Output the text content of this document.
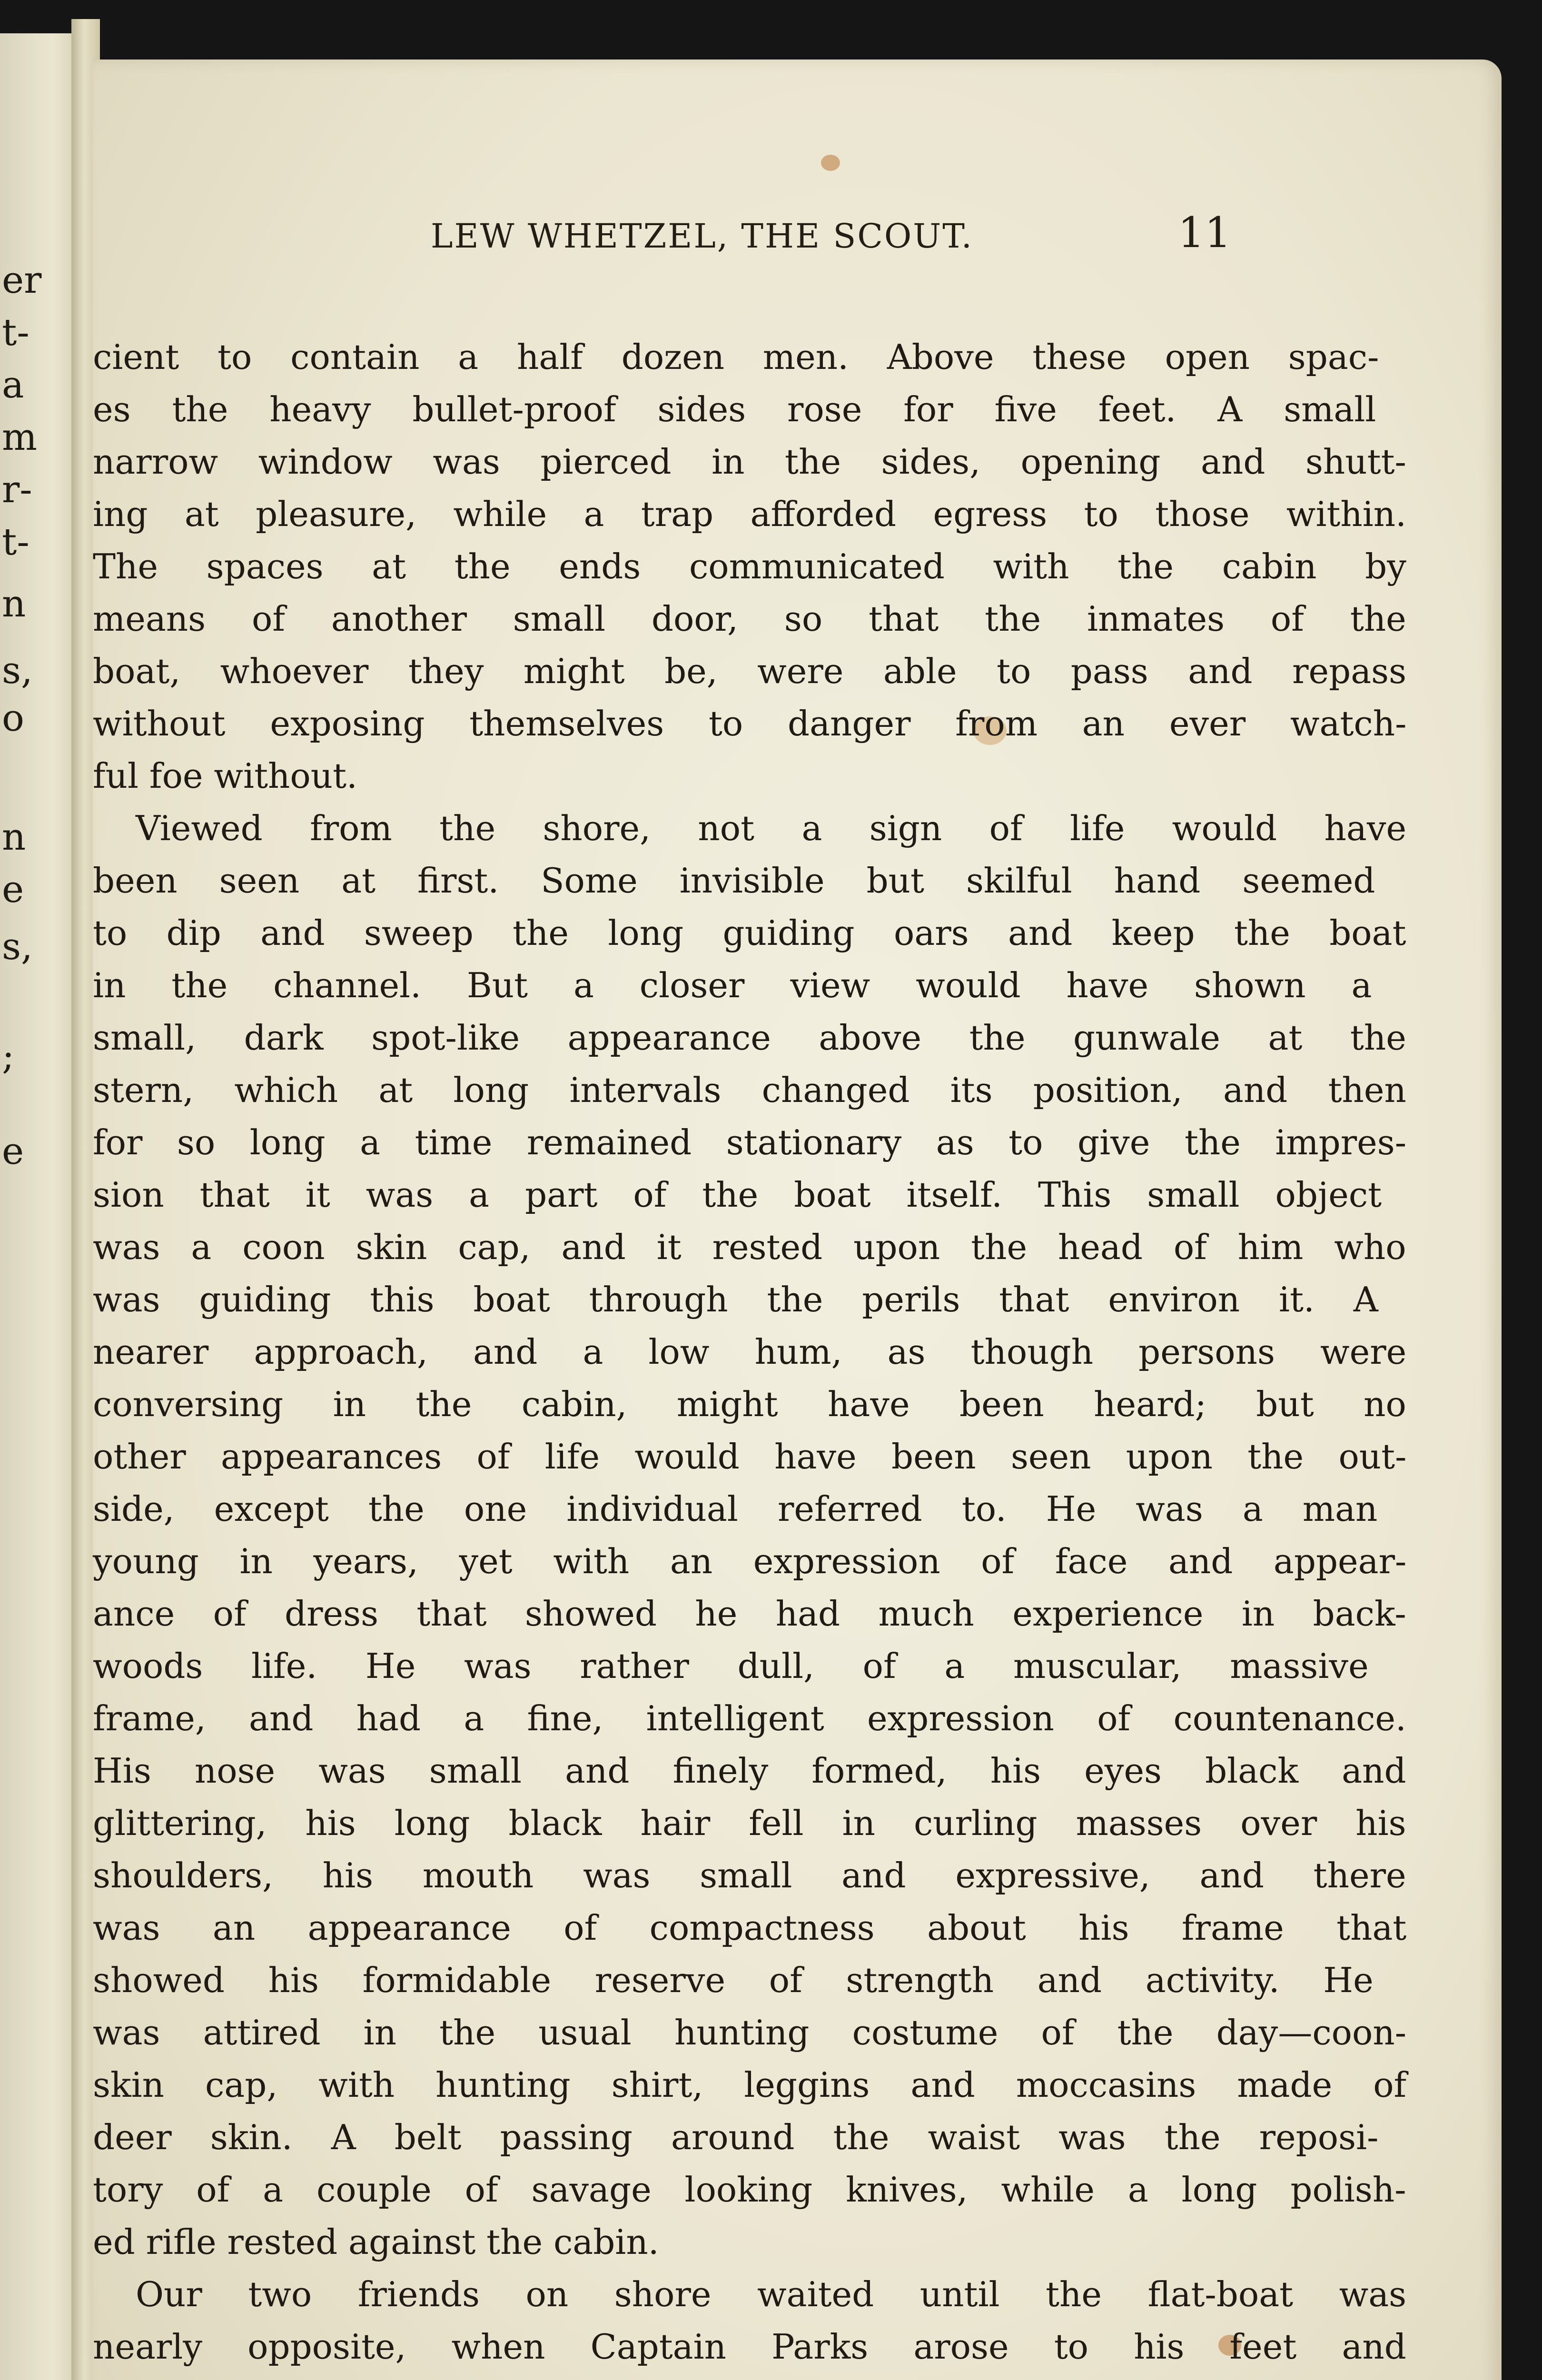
er
t-
a
m
r-
t-
n
s,
o
n
e
s,
;
e
LEW WHETZEL, THE SCOUT.	11
cient to contain a half dozen men. Above these open spac-
es the heavy bullet-proof sides rose for five feet. A small
narrow window was pierced in the sides, opening and shutt-
ing at pleasure, while a trap afforded egress to those within.
The spaces at the ends communicated with the cabin by
means of another small door, so that the inmates of the
boat, whoever they might be, were able to pass and repass
without exposing themselves to danger from an ever watch-
ful foe without.
Viewed from the shore, not a sign of life would have
been seen at first. Some invisible but skilful hand seemed
to dip and sweep the long guiding oars and keep the boat
in the channel. But a closer view would have shown a
small, dark spot-like appearance above the gunwale at the
stern, which at long intervals changed its position, and then
for so long a time remained stationary as to give the impres-
sion that it was a part of the boat itself. This small object
was a coon skin cap, and it rested upon the head of him who
was guiding this boat through the perils that environ it. A
nearer approach, and a low hum, as though persons were
conversing in the cabin, might have been heard; but no
other appearances of life would have been seen upon the out-
side, except the one individual referred to. He was a man
young in years, yet with an expression of face and appear-
ance of dress that showed he had much experience in back-
woods life. He was rather dull, of a muscular, massive
frame, and had a fine, intelligent expression of countenance.
His nose was small and finely formed, his eyes black and
glittering, his long black hair fell in curling masses over his
shoulders, his mouth was small and expressive, and there
was an appearance of compactness about his frame that
showed his formidable reserve of strength and activity. He
was attired in the usual hunting costume of the day—coon-
skin cap, with hunting shirt, leggins and moccasins made of
deer skin. A belt passing around the waist was the reposi-
tory of a couple of savage looking knives, while a long polish-
ed rifle rested against the cabin.
Our two friends on shore waited until the flat-boat was
nearly opposite, when Captain Parks arose to his feet and
